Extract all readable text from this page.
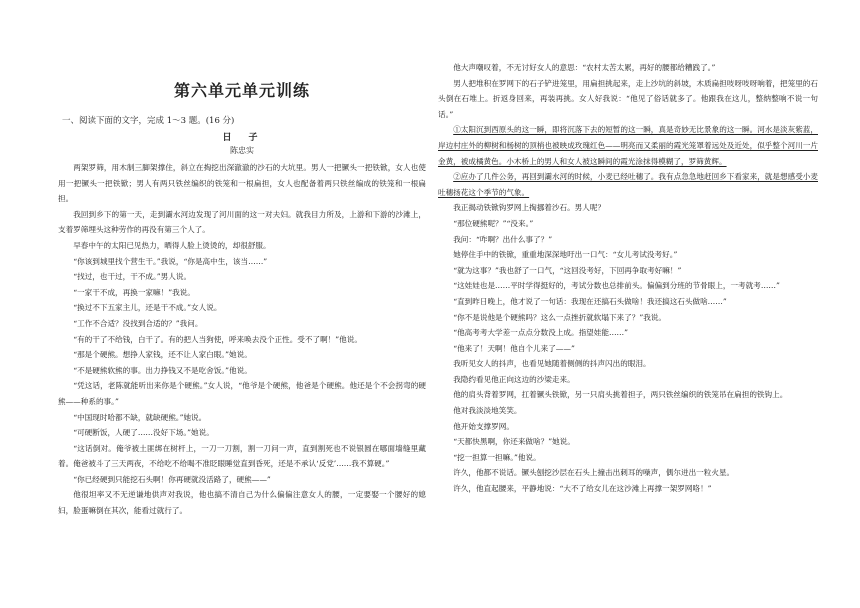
第六单元单元训练
一、阅读下面的文字，完成 1～3 题。(16 分)
日　子
陈忠实

两架罗筛，用木制三脚架撑住，斜立在掏挖出深澈澈的沙石的大坑里。男人一把镢头一把铁锨，女人也使用一把镢头一把铁锨；男人有两只铁丝编织的铁笼和一根扁担，女人也配备着两只铁丝编成的铁笼和一根扁担。

我回到乡下的第一天，走到灞水河边发现了河川面的这一对夫妇。就我目力所及，上游和下游的沙滩上，支着罗筛埋头这种劳作的再没有第三个人了。

早春中午的太阳已见热力，晒得人脸上烫烫的，却很舒服。

“你该到城里找个营生干。”我说，“你是高中生，该当……”

“找过，也干过，干不成。”男人说。

“一家干不成，再换一家嘛！”我说。

“换过不下五家主儿，还是干不成。”女人说。

“工作不合适？没找到合适的？”我问。

“有的干了不给钱，白干了。有的把人当狗使，呼来唤去没个正性。受不了啊！”他说。

“那是个硬熊。想挣人家钱，还不让人家白眼。”她说。

“不是硬熊软熊的事。出力挣钱又不是吃舍饭。”他说。

“凭这话，老陈就能听出来你是个硬熊。”女人说，“他爷是个硬熊，他爸是个硬熊。他还是个不会拐弯的硬熊——种系的事。”

“中国现时哈都不缺，就缺硬熊。”她说。

“可硬断饭，人硬了……没好下场。”她说。

“这话倒对。俺爷被土匪绑在树杆上，一刀一刀割，割一刀问一声，直到割死也不说银圆在哪面墙缝里藏着。俺爸被斗了三天两夜，不给吃不给喝不准眨眼睡觉直到昏死，还是不承认‘反党’……我不算硬。”

“你已经硬到只能挖石头啊！你再硬就没活路了，硬熊——”

他很坦率又不无逆谦地供声对我说，他也搞不清自己为什么偏偏注意女人的腰，一定要娶一个腰好的媳妇，脸蛋嘛倒在其次，能看过就行了。

他大声嘲叹着，不无讨好女人的意思：“农村太苦太累，再好的腰都给糟践了。”

男人把堆积在罗网下的石子铲进笼里，用扁担挑起来，走上沙坑的斜坡，木质扁担吱呀吱呀响着，把笼里的石头倒在石堆上。折返身回来，再装再挑。女人好我说：“他见了俗话就多了。他跟我在这儿，整纳整响不说一句话。”

①太阳沉到西原头的这一瞬，即将沉落下去的短暂的这一瞬，真是奇妙无比景象的这一瞬。河水是淡灰紫蓝，岸边村庄外的柳树和杨树的顶梢也被映成玫瑰红色——明亮而又柔丽的霞光笼罩着远处及近处，似乎整个河川一片金黄，被成橘黄色。小木桥上的男人和女人被这瞬间的霞光涂抹得模糊了，罗筛黄辉。

②应办了几件公务，再回到灞水河的时候，小麦已经吐穗了。我有点急急地赶回乡下看家来，就是想感受小麦吐穗扬花这个季节的气象。

我正揭动铁锨钩罗网上掏挪着沙石。男人呢？

“那位硬熊呢？”“没来。”

我问：“咋啊？出什么事了？”

她停住手中的铁锨，重重地深深地吁出一口气：“女儿考试没考好。”

“就为这事？”我也舒了一口气，“这回没考好，下回再争取考好嘛！”

“这娃娃也是……平时学得挺好的，考试分数也总排前头。偏偏到分班的节骨眼上，一考就考……”

“直到昨日晚上，他才说了一句话：我现在还搞石头做啥！我还搞这石头做啥……”

“你不是说他是个硬熊吗？这么一点挫折就软塌下来了？”我说。

“他高考考大学差一点点分数没上成。指望娃能……”

“他来了！天啊！他自个儿来了——”

我听见女人的抖声，也看见她随着侧侧的抖声闪出的眼泪。

我隐约看见他正向这边的沙梁走来。

他的肩头背着罗网，扛着镢头铁锨，另一只肩头挑着担子，两只铁丝编织的铁笼吊在扁担的铁钩上。

他对我淡淡地笑笑。

他开始支撑罗网。

“天都快黑啊，你还来做啥？”她说。

“挖一担算一担嘛。”他说。

许久，他都不说话。镢头刨挖沙层在石头上撞击出刺耳的噪声，偶尔迸出一粒火星。

许久，他直起腰来，平静地说：“大不了给女儿在这沙滩上再撑一架罗网咯！”
